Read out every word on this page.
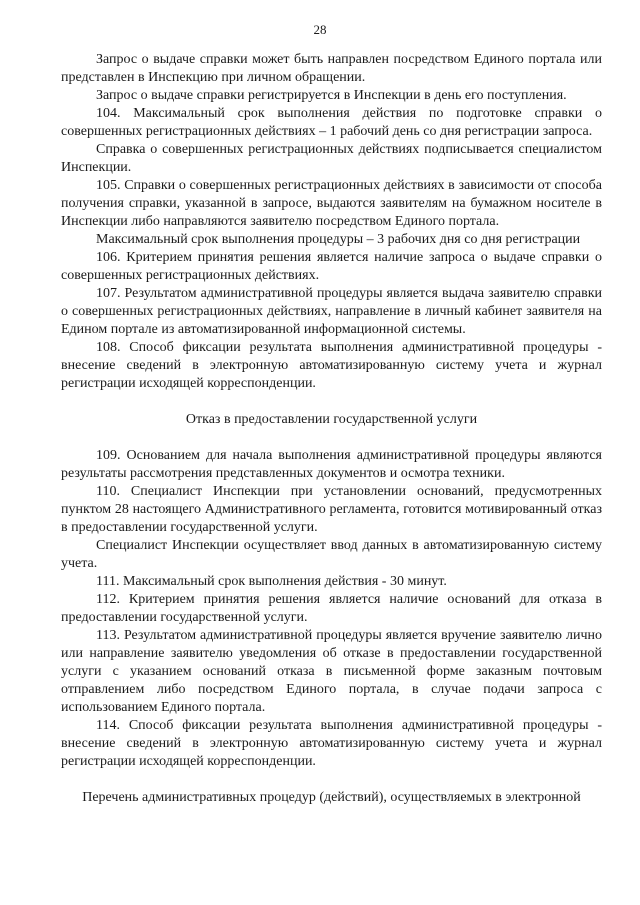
28

Запрос о выдаче справки может быть направлен посредством Единого портала или представлен в Инспекцию при личном обращении.

Запрос о выдаче справки регистрируется в Инспекции в день его поступления.

104. Максимальный срок выполнения действия по подготовке справки о совершенных регистрационных действиях – 1 рабочий день со дня регистрации запроса.

Справка о совершенных регистрационных действиях подписывается специалистом Инспекции.

105. Справки о совершенных регистрационных действиях в зависимости от способа получения справки, указанной в запросе, выдаются заявителям на бумажном носителе в Инспекции либо направляются заявителю посредством Единого портала.

Максимальный срок выполнения процедуры – 3 рабочих дня со дня регистрации

106. Критерием принятия решения является наличие запроса о выдаче справки о совершенных регистрационных действиях.

107. Результатом административной процедуры является выдача заявителю справки о совершенных регистрационных действиях, направление в личный кабинет заявителя на Едином портале из автоматизированной информационной системы.

108. Способ фиксации результата выполнения административной процедуры - внесение сведений в электронную автоматизированную систему учета и журнал регистрации исходящей корреспонденции.

Отказ в предоставлении государственной услуги

109. Основанием для начала выполнения административной процедуры являются результаты рассмотрения представленных документов и осмотра техники.

110. Специалист Инспекции при установлении оснований, предусмотренных пунктом 28 настоящего Административного регламента, готовится мотивированный отказ в предоставлении государственной услуги.

Специалист Инспекции осуществляет ввод данных в автоматизированную систему учета.

111. Максимальный срок выполнения действия - 30 минут.

112. Критерием принятия решения является наличие оснований для отказа в предоставлении государственной услуги.

113. Результатом административной процедуры является вручение заявителю лично или направление заявителю уведомления об отказе в предоставлении государственной услуги с указанием оснований отказа в письменной форме заказным почтовым отправлением либо посредством Единого портала, в случае подачи запроса с использованием Единого портала.

114. Способ фиксации результата выполнения административной процедуры - внесение сведений в электронную автоматизированную систему учета и журнал регистрации исходящей корреспонденции.

Перечень административных процедур (действий), осуществляемых в электронной
